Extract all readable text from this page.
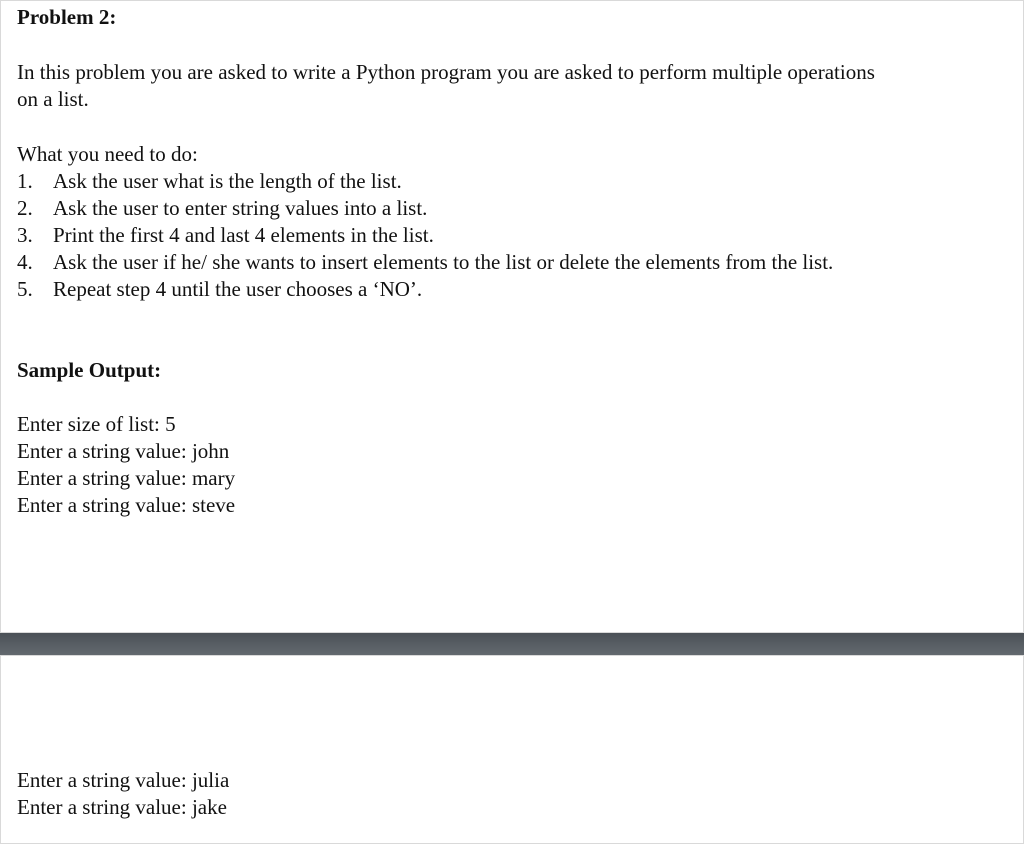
Problem 2:
In this problem you are asked to write a Python program you are asked to perform multiple operations
on a list.
What you need to do:
1. Ask the user what is the length of the list.
2. Ask the user to enter string values into a list.
3. Print the first 4 and last 4 elements in the list.
4. Ask the user if he/ she wants to insert elements to the list or delete the elements from the list.
5. Repeat step 4 until the user chooses a ‘NO’.
Sample Output:
Enter size of list: 5
Enter a string value: john
Enter a string value: mary
Enter a string value: steve
Enter a string value: julia
Enter a string value: jake
